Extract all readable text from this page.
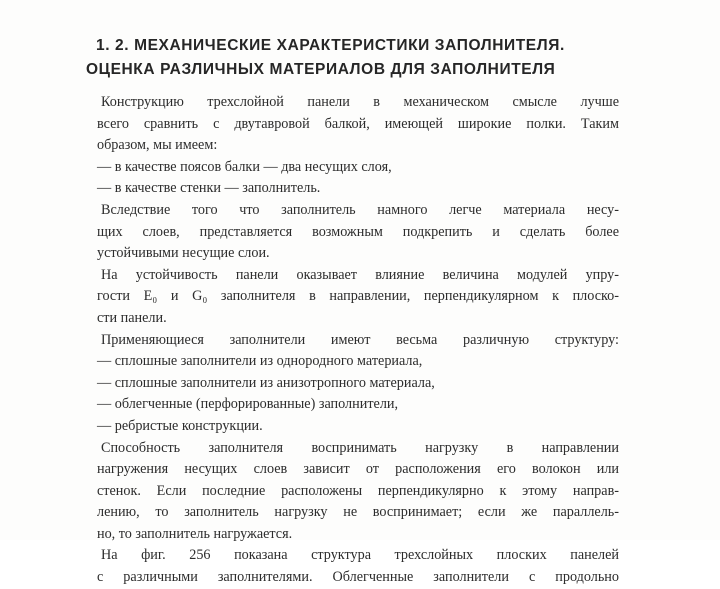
1. 2. МЕХАНИЧЕСКИЕ ХАРАКТЕРИСТИКИ ЗАПОЛНИТЕЛЯ.
ОЦЕНКА РАЗЛИЧНЫХ МАТЕРИАЛОВ ДЛЯ ЗАПОЛНИТЕЛЯ
Конструкцию трехслойной панели в механическом смысле лучше
всего сравнить с двутавровой балкой, имеющей широкие полки. Таким
образом, мы имеем:
— в качестве поясов балки — два несущих слоя,
— в качестве стенки — заполнитель.
Вследствие того что заполнитель намного легче материала несу-
щих слоев, представляется возможным подкрепить и сделать более
устойчивыми несущие слои.
На устойчивость панели оказывает влияние величина модулей упру-
гости E₀ и G₀ заполнителя в направлении, перпендикулярном к плоско-
сти панели.
Применяющиеся заполнители имеют весьма различную структуру:
— сплошные заполнители из однородного материала,
— сплошные заполнители из анизотропного материала,
— облегченные (перфорированные) заполнители,
— ребристые конструкции.
Способность заполнителя воспринимать нагрузку в направлении
нагружения несущих слоев зависит от расположения его волокон или
стенок. Если последние расположены перпендикулярно к этому направ-
лению, то заполнитель нагрузку не воспринимает; если же параллель-
но, то заполнитель нагружается.
На фиг. 256 показана структура трехслойных плоских панелей
с различными заполнителями. Облегченные заполнители с продольно
